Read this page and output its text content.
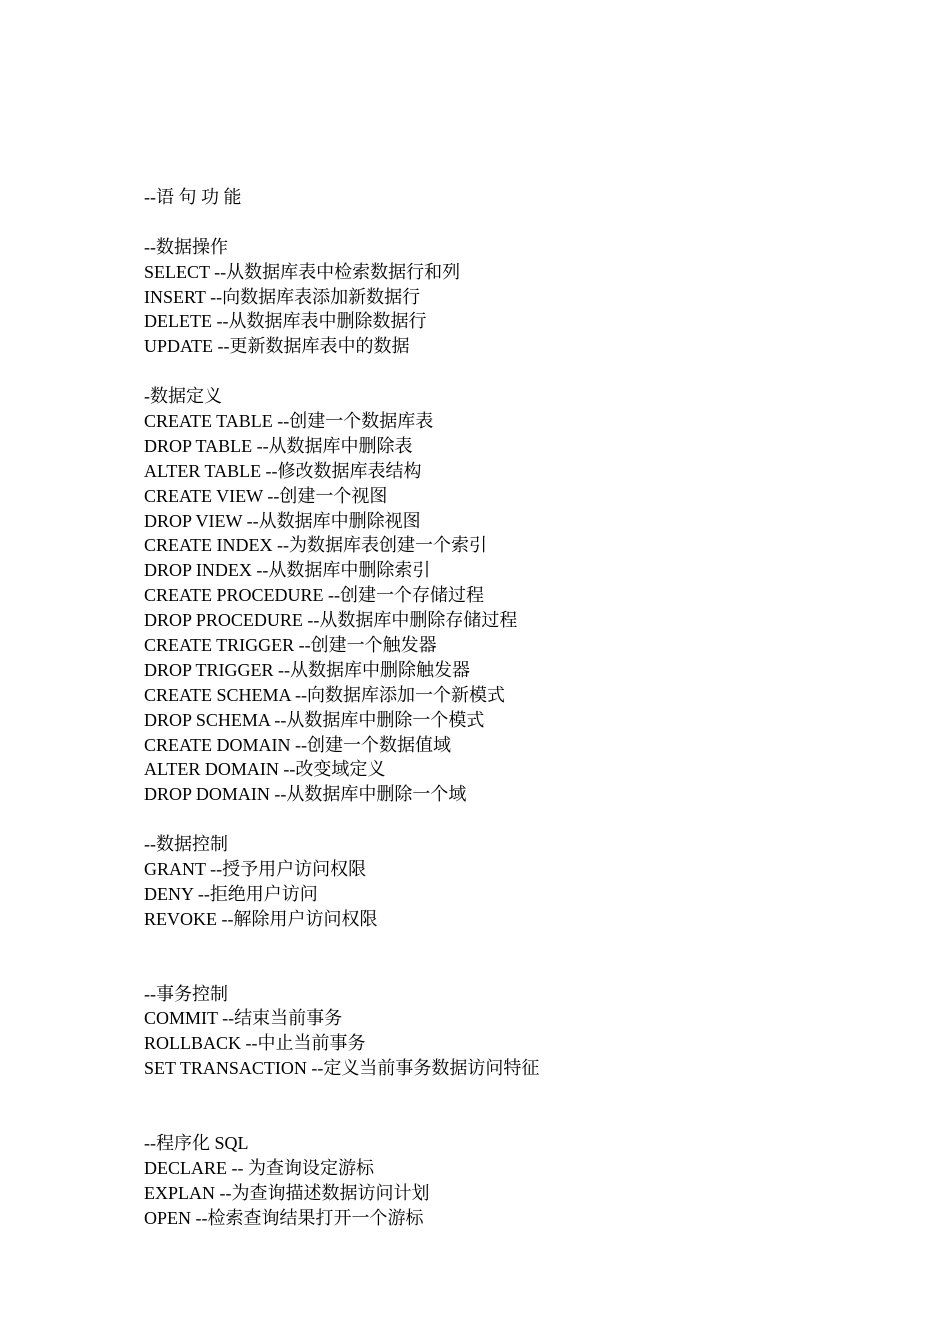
--语 句 功 能
--数据操作
SELECT --从数据库表中检索数据行和列
INSERT --向数据库表添加新数据行
DELETE --从数据库表中删除数据行
UPDATE --更新数据库表中的数据
-数据定义
CREATE TABLE --创建一个数据库表
DROP TABLE --从数据库中删除表
ALTER TABLE --修改数据库表结构
CREATE VIEW --创建一个视图
DROP VIEW --从数据库中删除视图
CREATE INDEX --为数据库表创建一个索引
DROP INDEX --从数据库中删除索引
CREATE PROCEDURE --创建一个存储过程
DROP PROCEDURE --从数据库中删除存储过程
CREATE TRIGGER --创建一个触发器
DROP TRIGGER --从数据库中删除触发器
CREATE SCHEMA --向数据库添加一个新模式
DROP SCHEMA --从数据库中删除一个模式
CREATE DOMAIN --创建一个数据值域
ALTER DOMAIN --改变域定义
DROP DOMAIN --从数据库中删除一个域
--数据控制
GRANT --授予用户访问权限
DENY --拒绝用户访问
REVOKE --解除用户访问权限
--事务控制
COMMIT --结束当前事务
ROLLBACK --中止当前事务
SET TRANSACTION --定义当前事务数据访问特征
--程序化 SQL
DECLARE -- 为查询设定游标
EXPLAN --为查询描述数据访问计划
OPEN --检索查询结果打开一个游标
